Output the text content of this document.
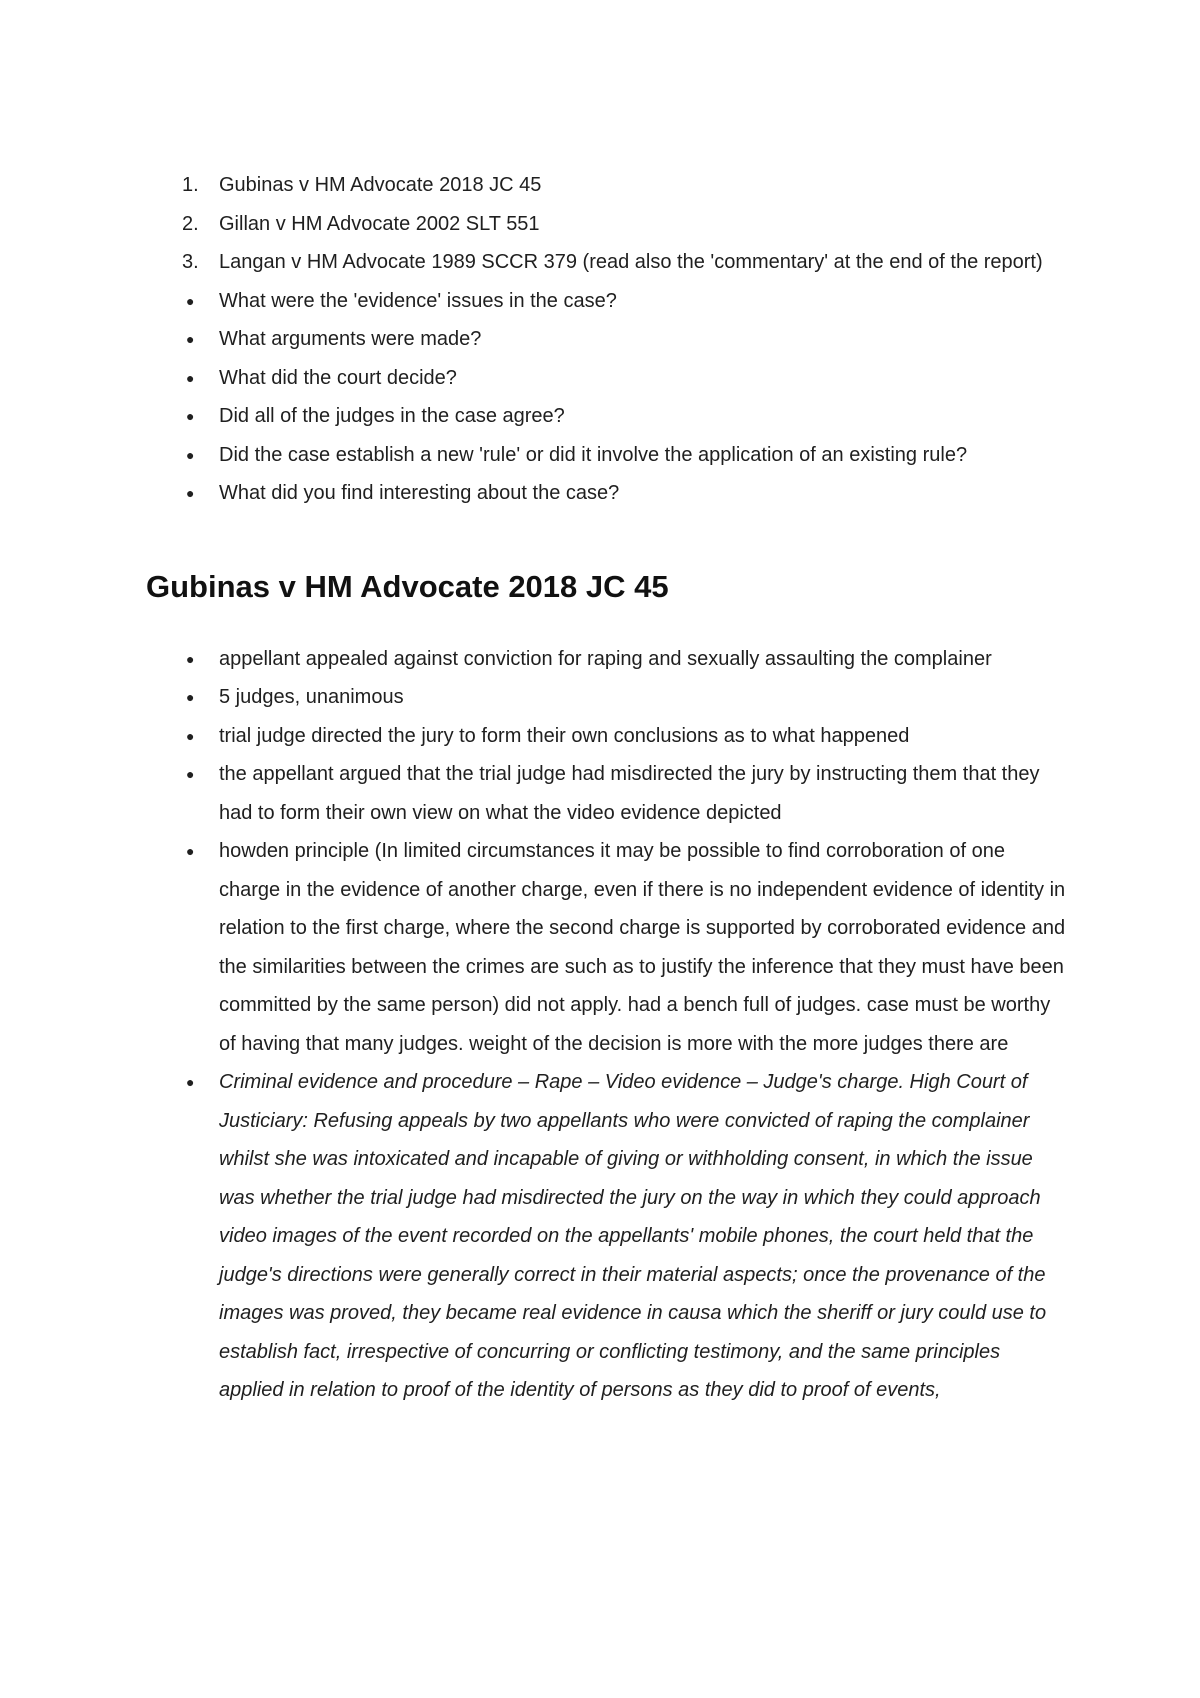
1.	Gubinas v HM Advocate 2018 JC 45
2.	Gillan v HM Advocate 2002 SLT 551
3.	Langan v HM Advocate 1989 SCCR 379 (read also the 'commentary' at the end of the report)
● What were the 'evidence' issues in the case?
● What arguments were made?
● What did the court decide?
● Did all of the judges in the case agree?
● Did the case establish a new 'rule' or did it involve the application of an existing rule?
● What did you find interesting about the case?
Gubinas v HM Advocate 2018 JC 45
● appellant appealed against conviction for raping and sexually assaulting the complainer
● 5 judges, unanimous
● trial judge directed the jury to form their own conclusions as to what happened
● the appellant argued that the trial judge had misdirected the jury by instructing them that they had to form their own view on what the video evidence depicted
● howden principle (In limited circumstances it may be possible to find corroboration of one charge in the evidence of another charge, even if there is no independent evidence of identity in relation to the first charge, where the second charge is supported by corroborated evidence and the similarities between the crimes are such as to justify the inference that they must have been committed by the same person) did not apply. had a bench full of judges. case must be worthy of having that many judges. weight of the decision is more with the more judges there are
● Criminal evidence and procedure – Rape – Video evidence – Judge's charge. High Court of Justiciary: Refusing appeals by two appellants who were convicted of raping the complainer whilst she was intoxicated and incapable of giving or withholding consent, in which the issue was whether the trial judge had misdirected the jury on the way in which they could approach video images of the event recorded on the appellants' mobile phones, the court held that the judge's directions were generally correct in their material aspects; once the provenance of the images was proved, they became real evidence in causa which the sheriff or jury could use to establish fact, irrespective of concurring or conflicting testimony, and the same principles applied in relation to proof of the identity of persons as they did to proof of events,
